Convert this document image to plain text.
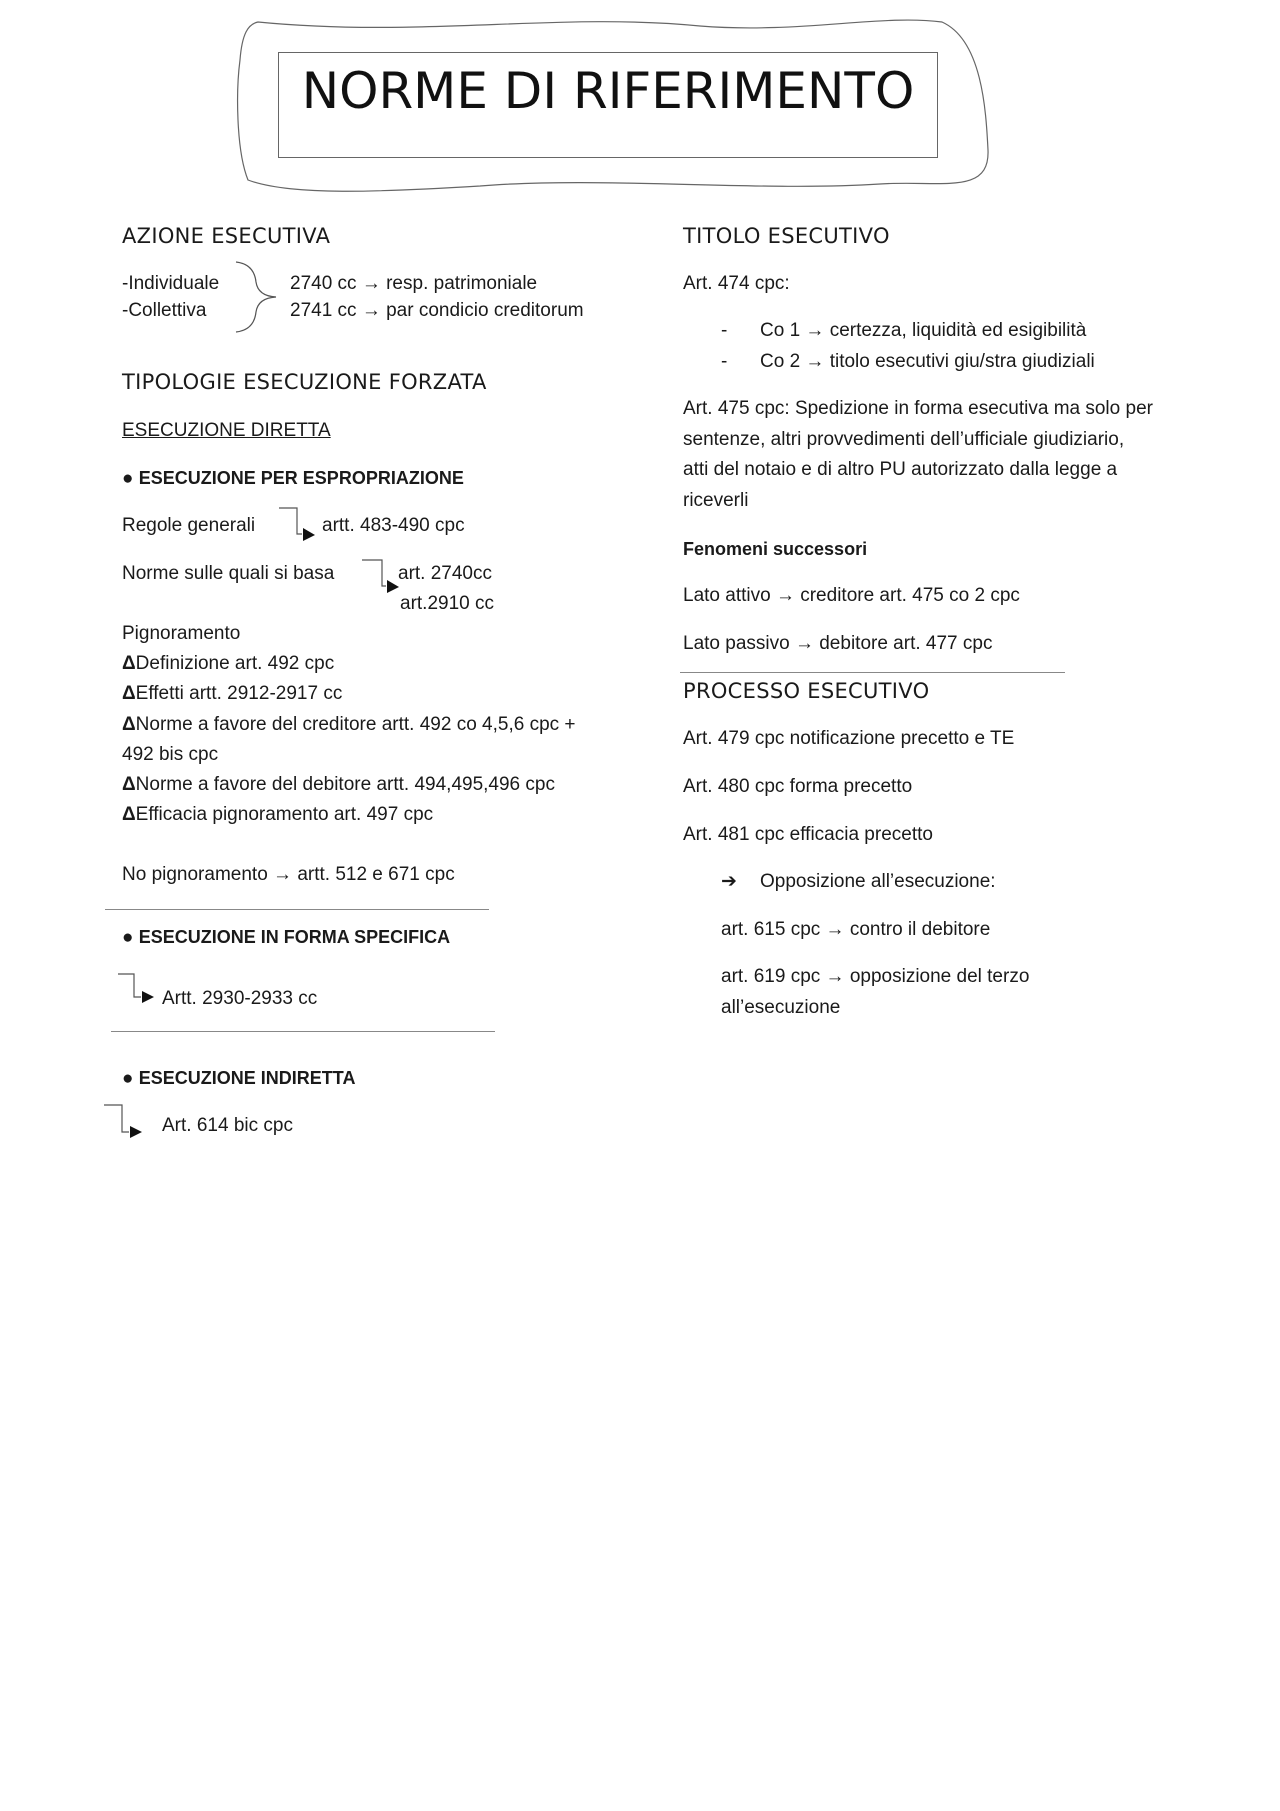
NORME DI RIFERIMENTO
AZIONE ESECUTIVA
-Individuale
-Collettiva
2740 cc → resp. patrimoniale
2741 cc → par condicio creditorum
TIPOLOGIE ESECUZIONE FORZATA
ESECUZIONE DIRETTA
● ESECUZIONE PER ESPROPRIAZIONE
Regole generali	artt. 483-490 cpc
Norme sulle quali si basa	art. 2740cc
art.2910 cc
Pignoramento
ΔDefinizione art. 492 cpc
ΔEffetti artt. 2912-2917 cc
ΔNorme a favore del creditore artt. 492 co 4,5,6 cpc +
492 bis cpc
ΔNorme a favore del debitore artt. 494,495,496 cpc
ΔEfficacia pignoramento art. 497 cpc
No pignoramento → artt. 512 e 671 cpc
● ESECUZIONE IN FORMA SPECIFICA
Artt. 2930-2933 cc
● ESECUZIONE INDIRETTA
Art. 614 bic cpc
TITOLO ESECUTIVO
Art. 474 cpc:
- Co 1 → certezza, liquidità ed esigibilità
- Co 2 → titolo esecutivi giu/stra giudiziali
Art. 475 cpc: Spedizione in forma esecutiva ma solo per sentenze, altri provvedimenti dell’ufficiale giudiziario, atti del notaio e di altro PU autorizzato dalla legge a riceverli
Fenomeni successori
Lato attivo → creditore art. 475 co 2 cpc
Lato passivo → debitore art. 477 cpc
PROCESSO ESECUTIVO
Art. 479 cpc notificazione precetto e TE
Art. 480 cpc forma precetto
Art. 481 cpc efficacia precetto
➔ Opposizione all’esecuzione:
art. 615 cpc → contro il debitore
art. 619 cpc → opposizione del terzo all’esecuzione
